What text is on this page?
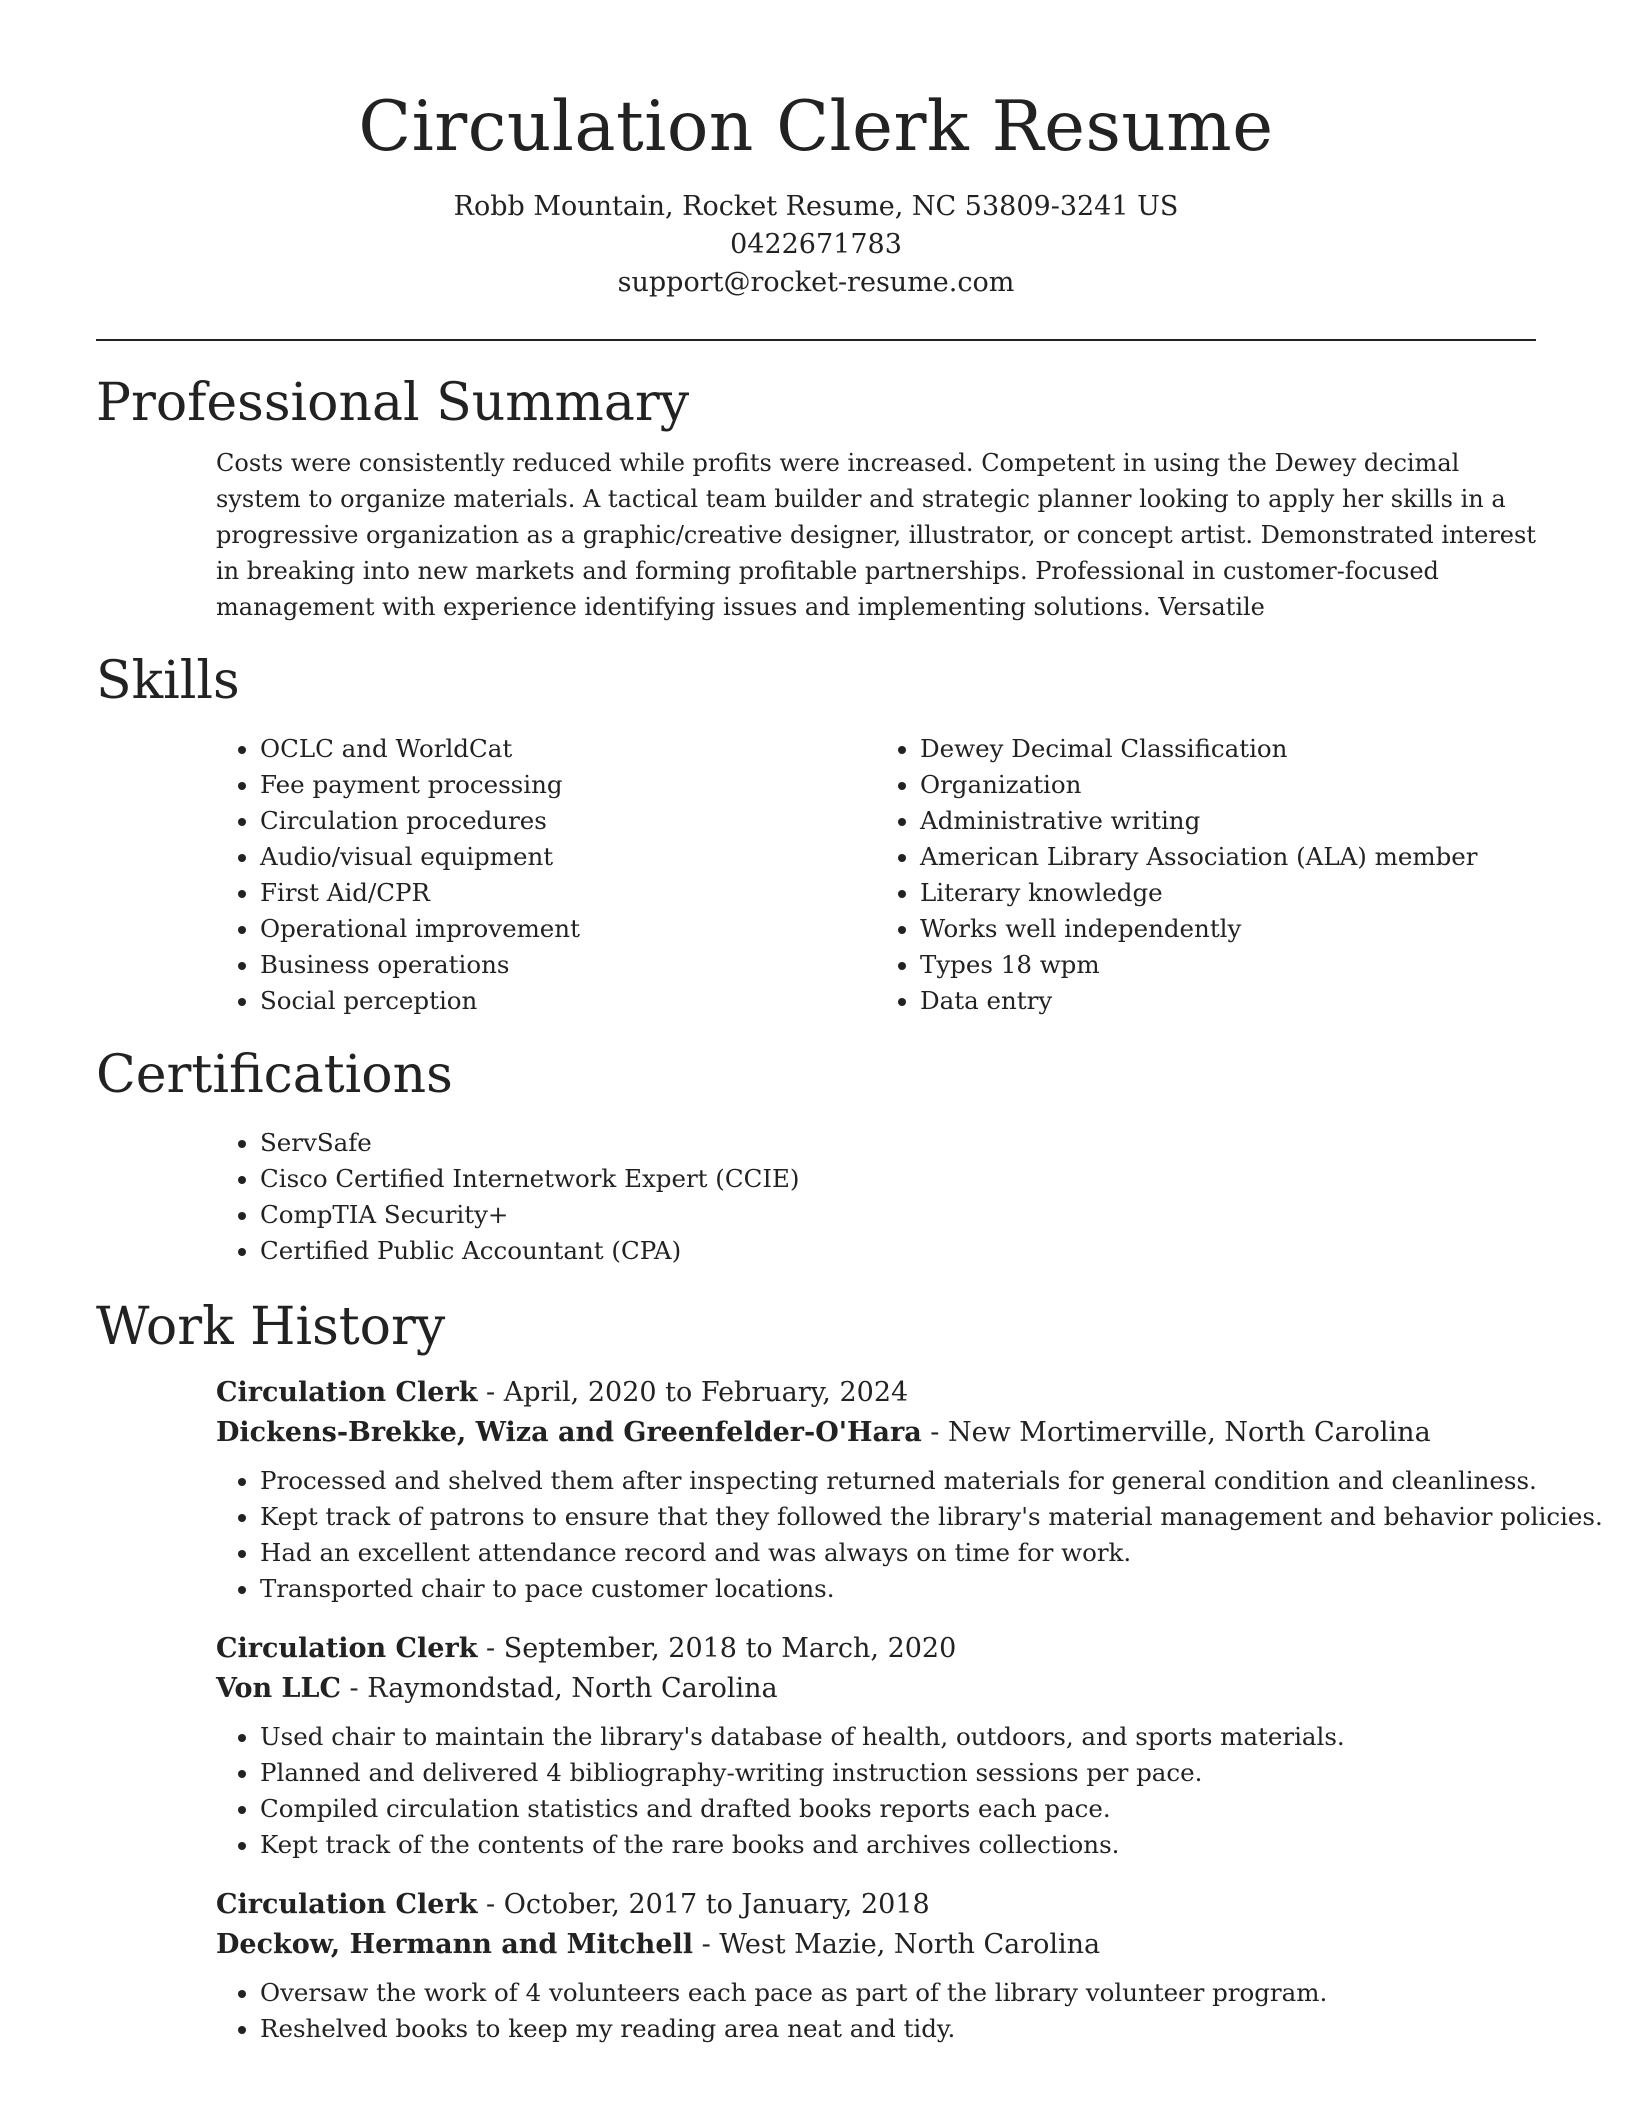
Circulation Clerk Resume
Robb Mountain, Rocket Resume, NC 53809-3241 US
0422671783
support@rocket-resume.com
Professional Summary

Costs were consistently reduced while profits were increased. Competent in using the Dewey decimal system to organize materials. A tactical team builder and strategic planner looking to apply her skills in a progressive organization as a graphic/creative designer, illustrator, or concept artist. Demonstrated interest in breaking into new markets and forming profitable partnerships. Professional in customer-focused management with experience identifying issues and implementing solutions. Versatile

Skills
• OCLC and WorldCat
• Fee payment processing
• Circulation procedures
• Audio/visual equipment
• First Aid/CPR
• Operational improvement
• Business operations
• Social perception
• Dewey Decimal Classification
• Organization
• Administrative writing
• American Library Association (ALA) member
• Literary knowledge
• Works well independently
• Types 18 wpm
• Data entry
Certifications
• ServSafe
• Cisco Certified Internetwork Expert (CCIE)
• CompTIA Security+
• Certified Public Accountant (CPA)
Work History
Circulation Clerk - April, 2020 to February, 2024
Dickens-Brekke, Wiza and Greenfelder-O'Hara - New Mortimerville, North Carolina
• Processed and shelved them after inspecting returned materials for general condition and cleanliness.
• Kept track of patrons to ensure that they followed the library's material management and behavior policies.
• Had an excellent attendance record and was always on time for work.
• Transported chair to pace customer locations.
Circulation Clerk - September, 2018 to March, 2020
Von LLC - Raymondstad, North Carolina
• Used chair to maintain the library's database of health, outdoors, and sports materials.
• Planned and delivered 4 bibliography-writing instruction sessions per pace.
• Compiled circulation statistics and drafted books reports each pace.
• Kept track of the contents of the rare books and archives collections.
Circulation Clerk - October, 2017 to January, 2018
Deckow, Hermann and Mitchell - West Mazie, North Carolina
• Oversaw the work of 4 volunteers each pace as part of the library volunteer program.
• Reshelved books to keep my reading area neat and tidy.
